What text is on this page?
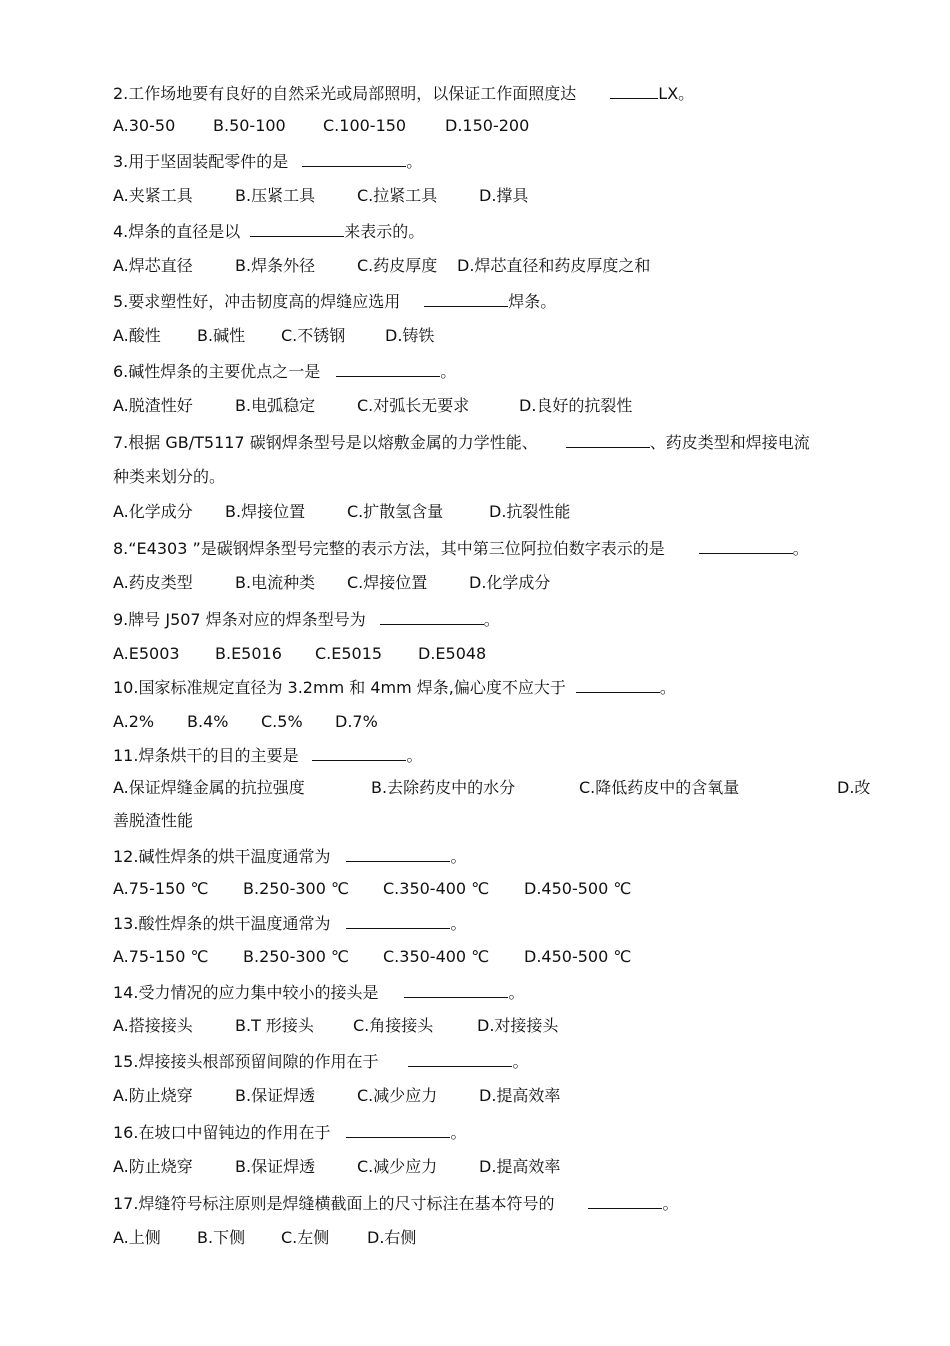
2.工作场地要有良好的自然采光或局部照明，以保证工作面照度达	LX。
A.30-50 B.50-100 C.100-150 D.150-200
3.用于坚固装配零件的是	。
A.夹紧工具	B.压紧工具	C.拉紧工具	D.撑具
4.焊条的直径是以	来表示的。
A.焊芯直径	B.焊条外径	C.药皮厚度 D.焊芯直径和药皮厚度之和
5.要求塑性好，冲击韧度高的焊缝应选用	焊条。
A.酸性 B.碱性 C.不锈钢 D.铸铁
6.碱性焊条的主要优点之一是	。
A.脱渣性好	B.电弧稳定	C.对弧长无要求	D.良好的抗裂性
7.根据 GB/T5117 碳钢焊条型号是以熔敷金属的力学性能、	、药皮类型和焊接电流
种类来划分的。
A.化学成分 B.焊接位置	C.扩散氢含量	D.抗裂性能
8.“E4303 ”是碳钢焊条型号完整的表示方法，其中第三位阿拉伯数字表示的是	。
A.药皮类型	B.电流种类 C.焊接位置	D.化学成分
9.牌号 J507 焊条对应的焊条型号为	。
A.E5003 B.E5016 C.E5015 D.E5048
10.国家标准规定直径为 3.2mm 和 4mm 焊条,偏心度不应大于	。
A.2% B.4% C.5% D.7%
11.焊条烘干的目的主要是	。
A.保证焊缝金属的抗拉强度	B.去除药皮中的水分	C.降低药皮中的含氧量	D.改
善脱渣性能
12.碱性焊条的烘干温度通常为	。
A.75-150 ℃ B.250-300 ℃ C.350-400 ℃ D.450-500 ℃
13.酸性焊条的烘干温度通常为	。
A.75-150 ℃ B.250-300 ℃ C.350-400 ℃ D.450-500 ℃
14.受力情况的应力集中较小的接头是	。
A.搭接接头	B.T 形接头 C.角接接头	D.对接接头
15.焊接接头根部预留间隙的作用在于	。
A.防止烧穿	B.保证焊透	C.减少应力	D.提高效率
16.在坡口中留钝边的作用在于	。
A.防止烧穿	B.保证焊透	C.减少应力	D.提高效率
17.焊缝符号标注原则是焊缝横截面上的尺寸标注在基本符号的	。
A.上侧 B.下侧 C.左侧 D.右侧
